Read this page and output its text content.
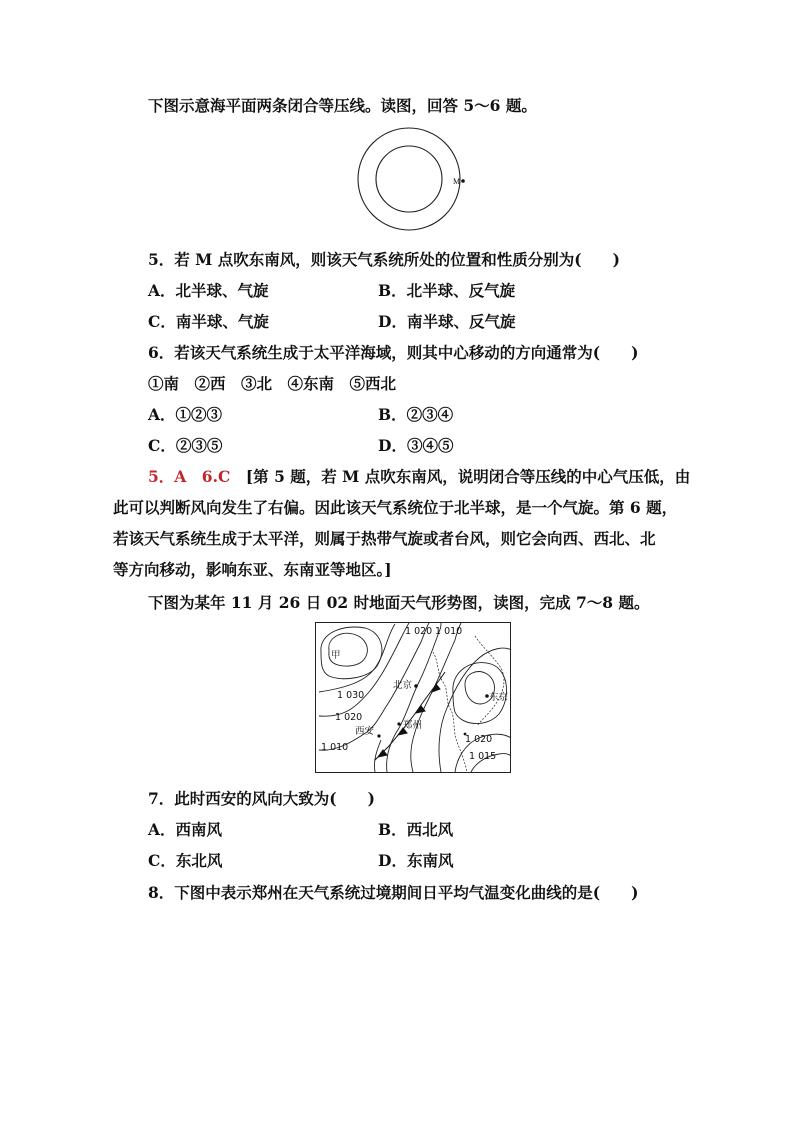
下图示意海平面两条闭合等压线。读图，回答 5～6 题。
M
5．若 M 点吹东南风，则该天气系统所处的位置和性质分别为(　　)
A．北半球、气旋	B．北半球、反气旋
C．南半球、气旋	D．南半球、反气旋
6．若该天气系统生成于太平洋海域，则其中心移动的方向通常为(　　)
①南　②西　③北　④东南　⑤西北
A．①②③	B．②③④
C．②③⑤	D．③④⑤
5．A　6.C　[第 5 题，若 M 点吹东南风，说明闭合等压线的中心气压低，由
此可以判断风向发生了右偏。因此该天气系统位于北半球，是一个气旋。第 6 题，
若该天气系统生成于太平洋，则属于热带气旋或者台风，则它会向西、西北、北
等方向移动，影响东亚、东南亚等地区。]
下图为某年 11 月 26 日 02 时地面天气形势图，读图，完成 7～8 题。
甲
1 020 1 010
北京
东京
1 030
1 020
西安
郑州
1 010
1 020
1 015
7．此时西安的风向大致为(　　)
A．西南风	B．西北风
C．东北风	D．东南风
8．下图中表示郑州在天气系统过境期间日平均气温变化曲线的是(　　)
